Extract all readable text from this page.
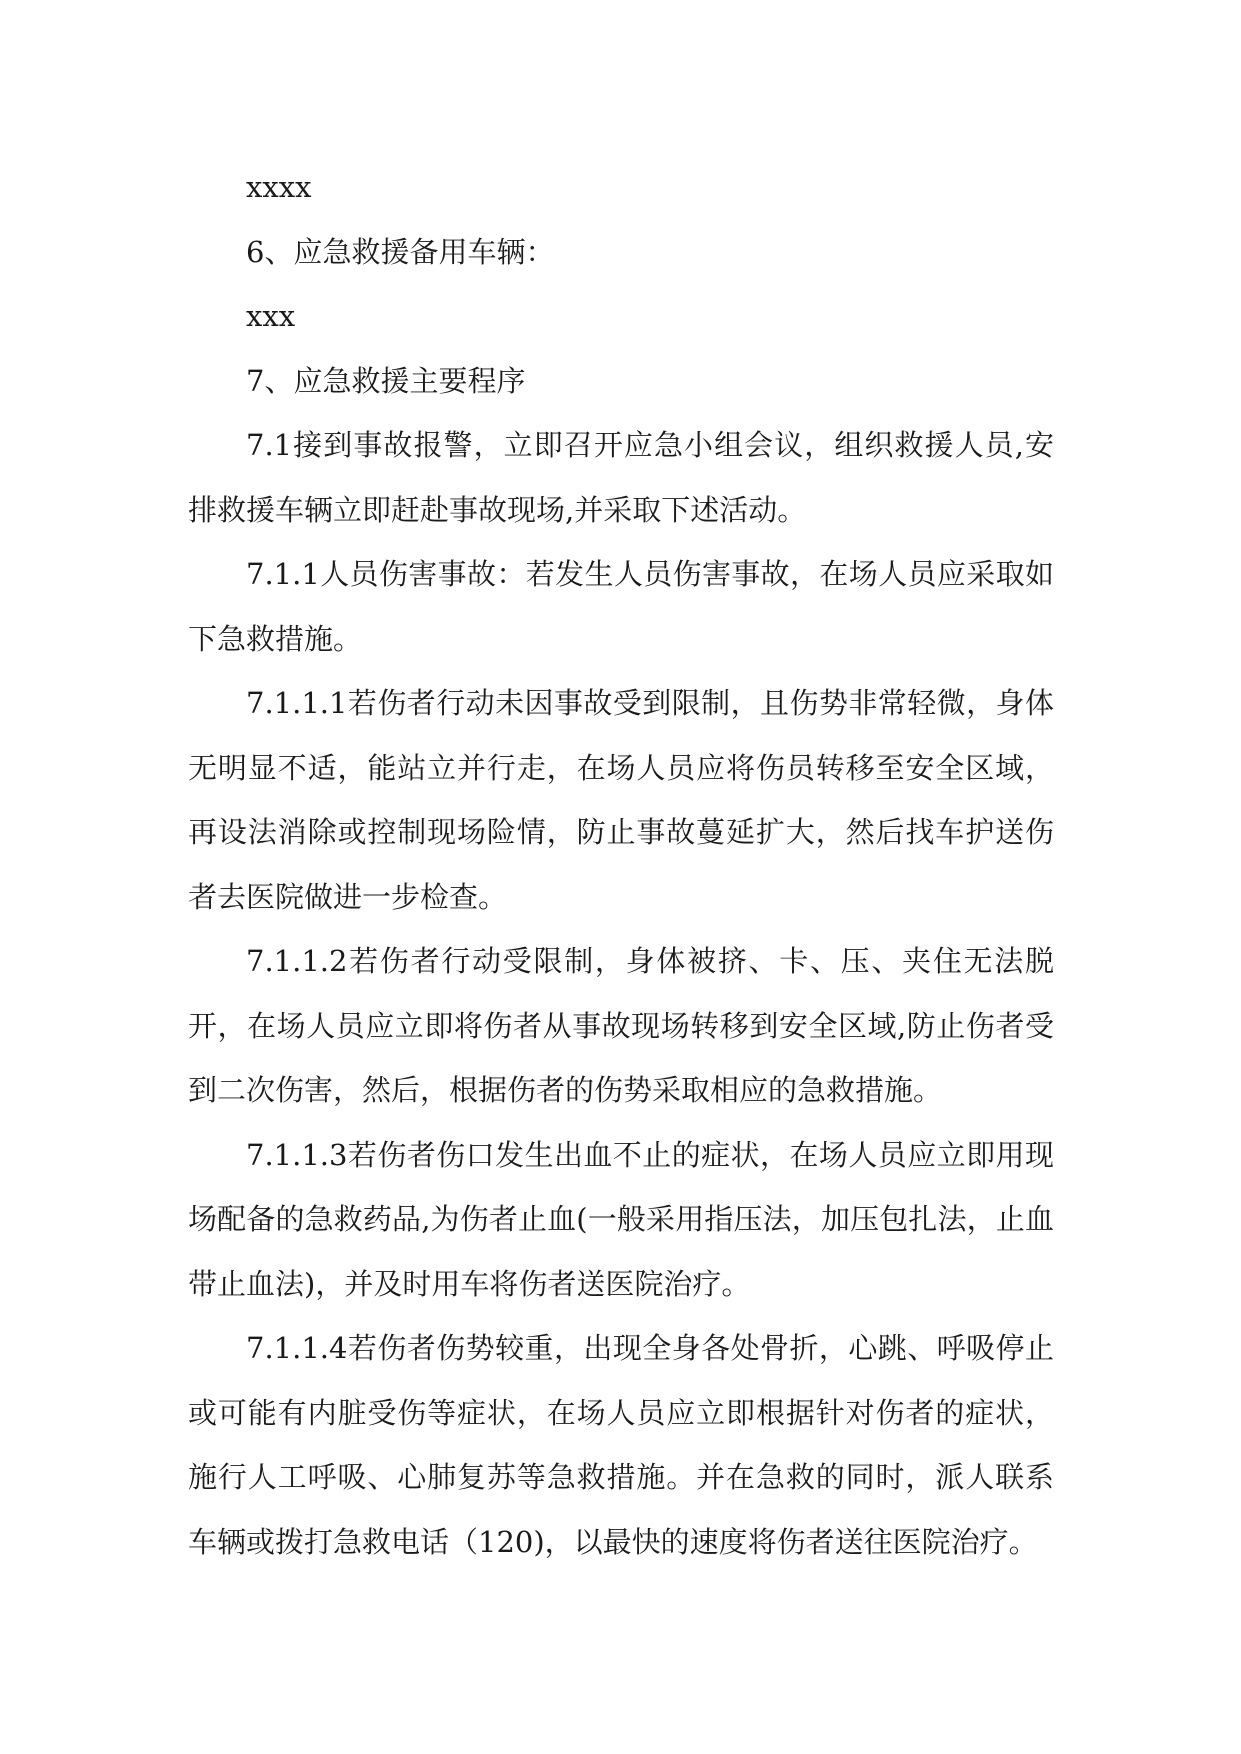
xxxx

6、应急救援备用车辆：

xxx

7、应急救援主要程序

7.1接到事故报警，立即召开应急小组会议，组织救援人员,安排救援车辆立即赶赴事故现场,并采取下述活动。

7.1.1人员伤害事故：若发生人员伤害事故，在场人员应采取如下急救措施。

7.1.1.1若伤者行动未因事故受到限制，且伤势非常轻微，身体无明显不适，能站立并行走，在场人员应将伤员转移至安全区域，再设法消除或控制现场险情，防止事故蔓延扩大，然后找车护送伤者去医院做进一步检查。

7.1.1.2若伤者行动受限制，身体被挤、卡、压、夹住无法脱开，在场人员应立即将伤者从事故现场转移到安全区域,防止伤者受到二次伤害，然后，根据伤者的伤势采取相应的急救措施。

7.1.1.3若伤者伤口发生出血不止的症状，在场人员应立即用现场配备的急救药品,为伤者止血(一般采用指压法，加压包扎法，止血带止血法)，并及时用车将伤者送医院治疗。

7.1.1.4若伤者伤势较重，出现全身各处骨折，心跳、呼吸停止或可能有内脏受伤等症状，在场人员应立即根据针对伤者的症状，施行人工呼吸、心肺复苏等急救措施。并在急救的同时，派人联系车辆或拨打急救电话（120)，以最快的速度将伤者送往医院治疗。
